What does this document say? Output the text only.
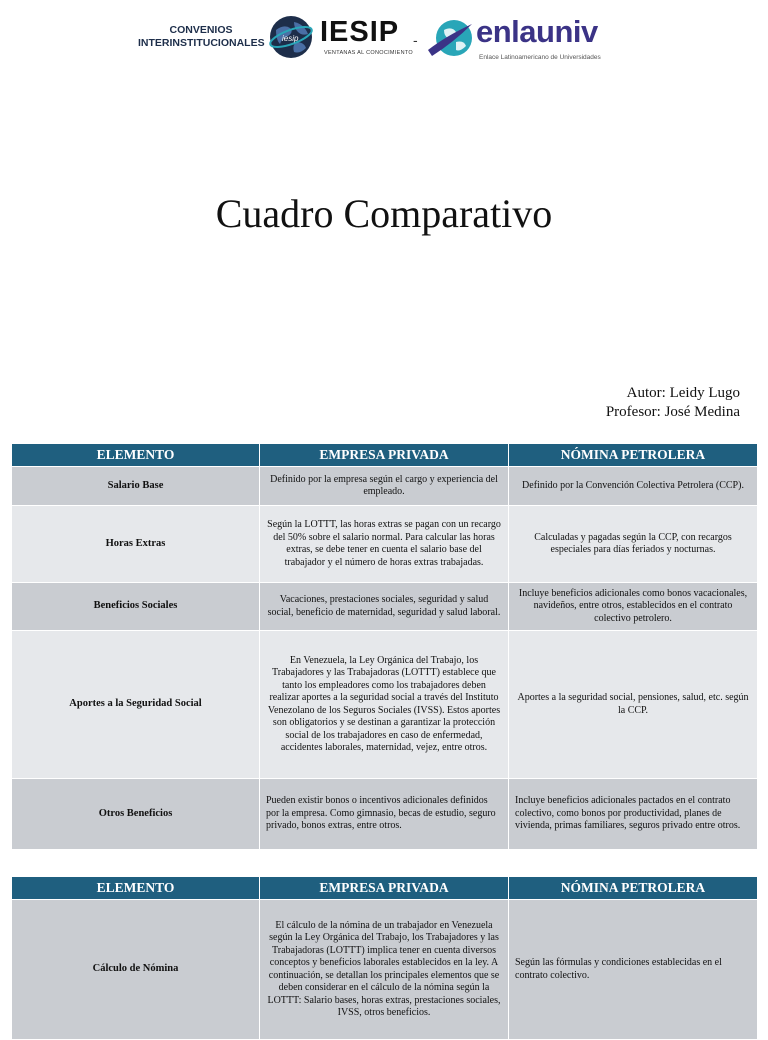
CONVENIOS INTERINSTITUCIONALES iesip IESIP
VENTANAS AL CONOCIMIENTO
- enlauniv
Enlace Latinoamericano de Universidades
Cuadro Comparativo
Autor: Leidy Lugo
Profesor: José Medina
ELEMENTO	EMPRESA PRIVADA	NÓMINA PETROLERA
Salario Base	Definido por la empresa según el cargo y experiencia del empleado.	Definido por la Convención Colectiva Petrolera (CCP).
Horas Extras	Según la LOTTT, las horas extras se pagan con un recargo del 50% sobre el salario normal. Para calcular las horas extras, se debe tener en cuenta el salario base del trabajador y el número de horas extras trabajadas.	Calculadas y pagadas según la CCP, con recargos especiales para días feriados y nocturnas.
Beneficios Sociales	Vacaciones, prestaciones sociales, seguridad y salud social, beneficio de maternidad, seguridad y salud laboral.	Incluye beneficios adicionales como bonos vacacionales, navideños, entre otros, establecidos en el contrato colectivo petrolero.
Aportes a la Seguridad Social	En Venezuela, la Ley Orgánica del Trabajo, los Trabajadores y las Trabajadoras (LOTTT) establece que tanto los empleadores como los trabajadores deben realizar aportes a la seguridad social a través del Instituto Venezolano de los Seguros Sociales (IVSS). Estos aportes son obligatorios y se destinan a garantizar la protección social de los trabajadores en caso de enfermedad, accidentes laborales, maternidad, vejez, entre otros.	Aportes a la seguridad social, pensiones, salud, etc. según la CCP.
Otros Beneficios	Pueden existir bonos o incentivos adicionales definidos por la empresa. Como gimnasio, becas de estudio, seguro privado, bonos extras, entre otros.	Incluye beneficios adicionales pactados en el contrato colectivo, como bonos por productividad, planes de vivienda, primas familiares, seguros privado entre otros.
ELEMENTO	EMPRESA PRIVADA	NÓMINA PETROLERA
Cálculo de Nómina	El cálculo de la nómina de un trabajador en Venezuela según la Ley Orgánica del Trabajo, los Trabajadores y las Trabajadoras (LOTTT) implica tener en cuenta diversos conceptos y beneficios laborales establecidos en la ley. A continuación, se detallan los principales elementos que se deben considerar en el cálculo de la nómina según la LOTTT: Salario bases, horas extras, prestaciones sociales, IVSS, otros beneficios.	Según las fórmulas y condiciones establecidas en el contrato colectivo.
